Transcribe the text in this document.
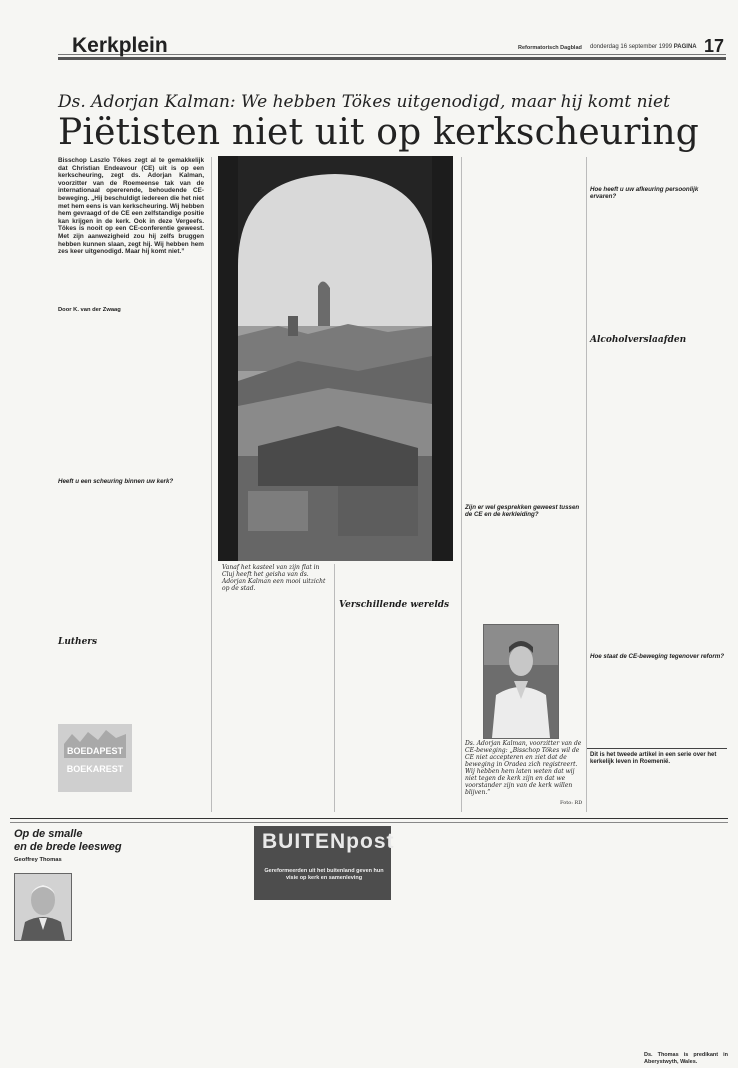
Kerkplein	Reformatorisch Dagblad donderdag 16 september 1999 PAGINA 17
Ds. Adorjan Kalman: We hebben Tökes uitgenodigd, maar hij komt niet
Piëtisten niet uit op kerkscheuring
Bisschop Laszlo Tökes zegt al te gemakkelijk dat Christian Endeavour (CE) uit is op een kerkscheuring, zegt ds. Adorjan Kalman, voorzitter van de Roemeense tak van de internationaal opererende, behoudende CE-beweging. „Hij beschuldigt iedereen die het niet met hem eens is van kerkscheuring. Wij hebben hem gevraagd of de CE een zelfstandige positie kan krijgen in de kerk. Ook in deze Vergeefs. Tökes is nooit op een CE-conferentie geweest. Met zijn aanwezigheid zou hij zelfs bruggen hebben kunnen slaan, zegt hij. Wij hebben hem zes keer uitgenodigd. Maar hij komt niet.”
Door K. van der Zwaag
Heeft u een scheuring binnen uw kerk?
Luthers
BOEDAPEST
BOEKAREST
Vanaf het kasteel van zijn flat in Cluj heeft het geisha van ds. Adorjan Kalman een mooi uitzicht op de stad.
Verschillende werelds
Zijn er wel gesprekken geweest tussen de CE en de kerkleiding?
Ds. Adorjan Kalman, voorzitter van de CE-beweging: „Bisschop Tökes wil de CE niet accepteren en ziet dat de beweging in Oradea zich registreert. Wij hebben hem laten weten dat wij niet tegen de kerk zijn en dat we voorstander zijn van de kerk willen blijven.”
Foto: RD
Hoe heeft u uw afkeuring persoonlijk ervaren?
Alcoholverslaafden
Hoe staat de CE-beweging tegenover reform?
Dit is het tweede artikel in een serie over het kerkelijk leven in Roemenië.
Op de smalle
en de brede leesweg
Geoffrey Thomas
BUITENpost
Gereformeerden uit het buitenland geven hun visie op kerk en samenleving
Ds. Thomas is predikant in Aberystwyth, Wales.
